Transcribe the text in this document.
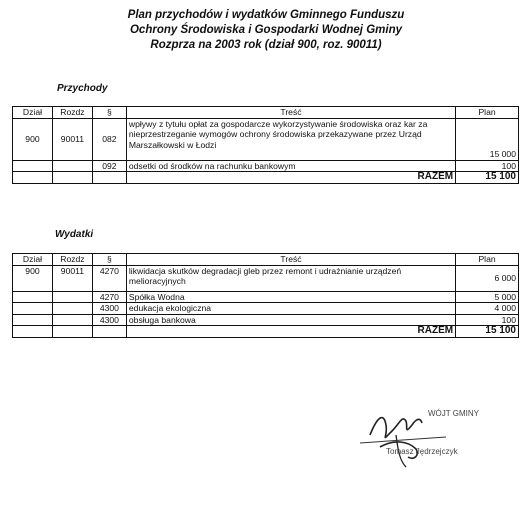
Plan przychodów i wydatków Gminnego Funduszu
Ochrony Środowiska i Gospodarki Wodnej Gminy
Rozprza na 2003 rok (dział 900, roz. 90011)
Przychody
Dział	Rozdz	§	Treść	Plan
900	90011	082	wpływy z tytułu opłat za gospodarcze wykorzystywanie środowiska oraz kar za nieprzestrzeganie wymogów ochrony środowiska przekazywane przez Urząd Marszałkowski w Łodzi	15 000
		092	odsetki od środków na rachunku bankowym	100
			RAZEM	15 100
Wydatki
Dział	Rozdz	§	Treść	Plan
900	90011	4270	likwidacja skutków degradacji gleb przez remont i udrażnianie urządzeń melioracyjnych	6 000
		4270	Spółka Wodna	5 000
		4300	edukacja ekologiczna	4 000
		4300	obsługa bankowa	100
			RAZEM	15 100
WÓJT GMINY
Tomasz Jędrzejczyk
